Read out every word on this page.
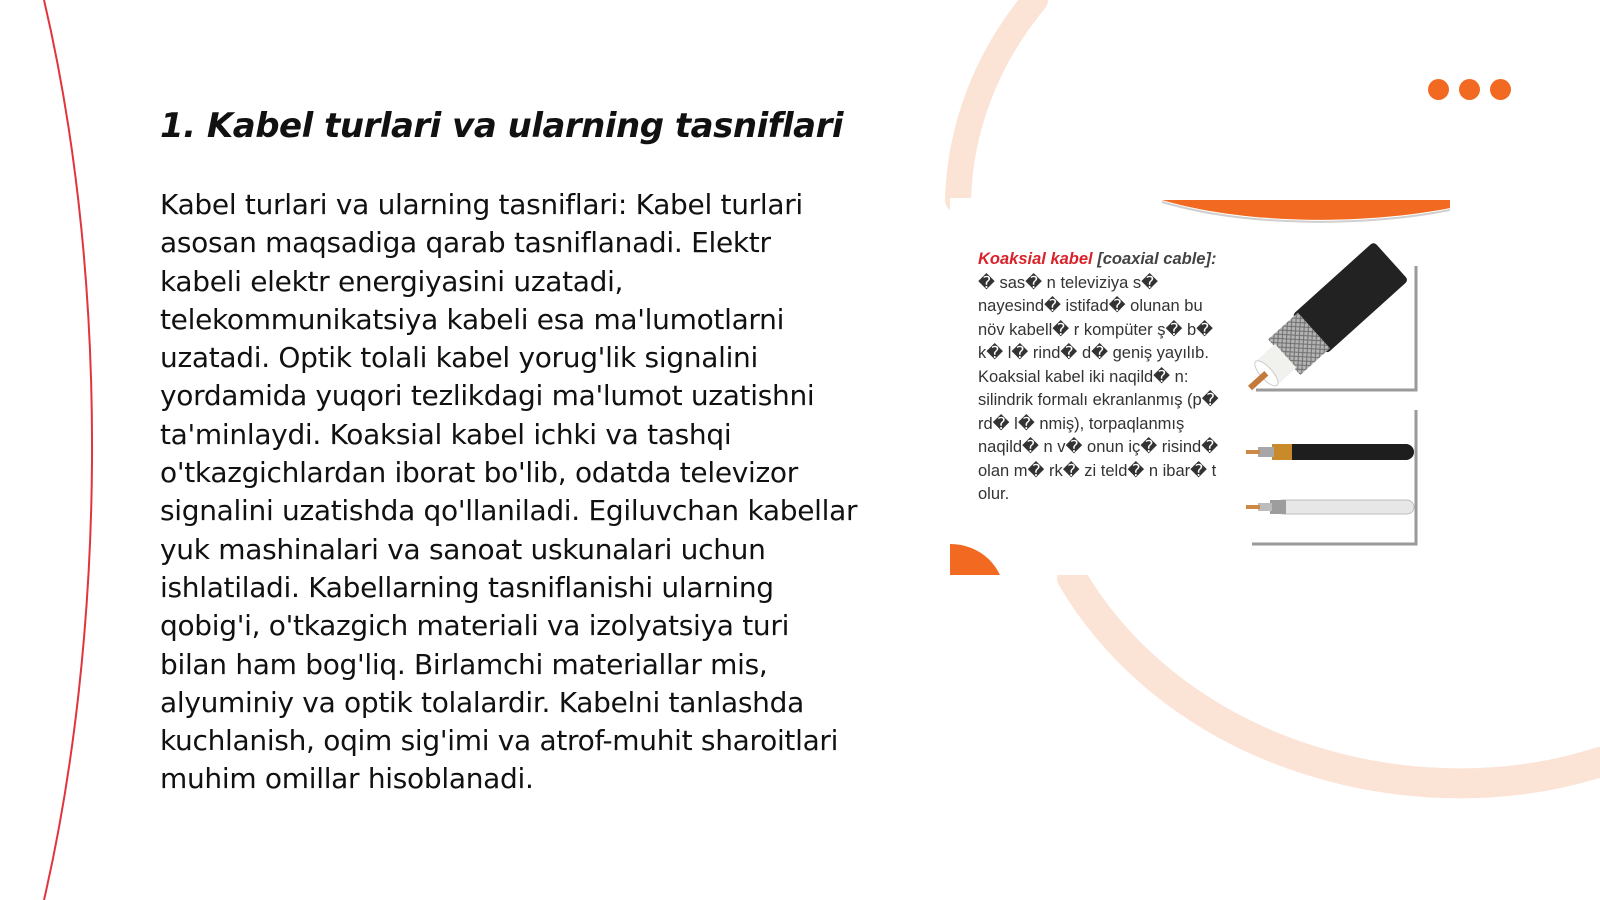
1. Kabel turlari va ularning tasniflari

Kabel turlari va ularning tasniflari: Kabel turlari asosan maqsadiga qarab tasniflanadi. Elektr kabeli elektr energiyasini uzatadi, telekommunikatsiya kabeli esa ma'lumotlarni uzatadi. Optik tolali kabel yorug'lik signalini yordamida yuqori tezlikdagi ma'lumot uzatishni ta'minlaydi. Koaksial kabel ichki va tashqi o'tkazgichlardan iborat bo'lib, odatda televizor signalini uzatishda qo'llaniladi. Egiluvchan kabellar yuk mashinalari va sanoat uskunalari uchun ishlatiladi. Kabellarning tasniflanishi ularning qobig'i, o'tkazgich materiali va izolyatsiya turi bilan ham bog'liq. Birlamchi materiallar mis, alyuminiy va optik tolalardir. Kabelni tanlashda kuchlanish, oqim sig'imi va atrof-muhit sharoitlari muhim omillar hisoblanadi.

Koaksial kabel [coaxial cable]: � sas� n televiziya s� nayesind� istifad� olunan bu növ kabell� r kompüter ş� b� k� l� rind� d� geniş yayılıb. Koaksial kabel iki naqild� n: silindrik formalı ekranlanmış (p� rd� l� nmiş), torpaqlanmış naqild� n v� onun iç� risind� olan m� rk� zi teld� n ibar� t olur.
